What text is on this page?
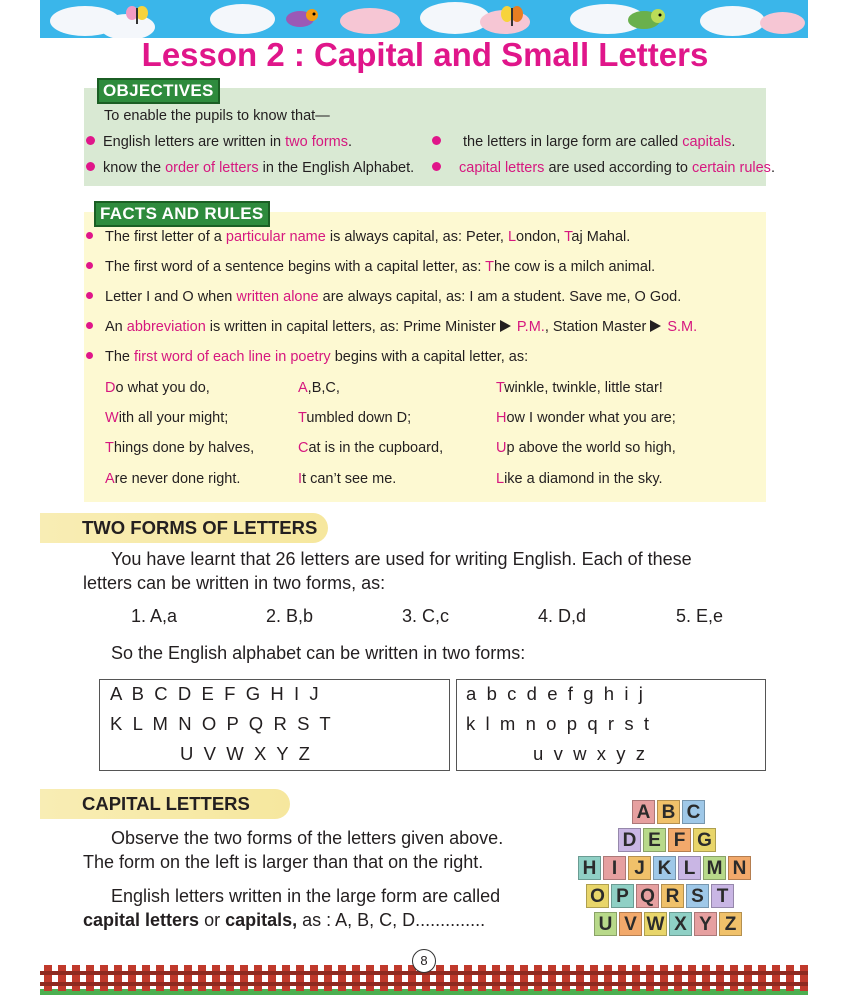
Lesson 2 : Capital and Small Letters
OBJECTIVES
To enable the pupils to know that—
English letters are written in two forms.	the letters in large form are called capitals.
know the order of letters in the English Alphabet.	capital letters are used according to certain rules.
FACTS AND RULES
The first letter of a particular name is always capital, as: Peter, London, Taj Mahal.
The first word of a sentence begins with a capital letter, as: The cow is a milch animal.
Letter I and O when written alone are always capital, as: I am a student. Save me, O God.
An abbreviation is written in capital letters, as: Prime Minister P.M., Station Master S.M.
The first word of each line in poetry begins with a capital letter, as:
Do what you do,
With all your might;
Things done by halves,
Are never done right.
A,B,C,
Tumbled down D;
Cat is in the cupboard,
It can’t see me.
Twinkle, twinkle, little star!
How I wonder what you are;
Up above the world so high,
Like a diamond in the sky.
TWO FORMS OF LETTERS
You have learnt that 26 letters are used for writing English. Each of these
letters can be written in two forms, as:
1. A,a	2. B,b	3. C,c	4. D,d	5. E,e
So the English alphabet can be written in two forms:
A  B  C  D  E  F  G  H  I  J
K  L  M  N  O  P  Q  R  S  T
U  V  W  X  Y  Z
a  b  c  d  e  f  g  h  i  j
k  l  m  n  o  p  q  r  s  t
u  v  w  x  y  z
CAPITAL LETTERS
Observe the two forms of the letters given above.
The form on the left is larger than that on the right.
English letters written in the large form are called
capital letters or capitals, as : A, B, C, D..............
A B C
D E F G
H I J K L M N
O P Q R S T
U V W X Y Z
8
